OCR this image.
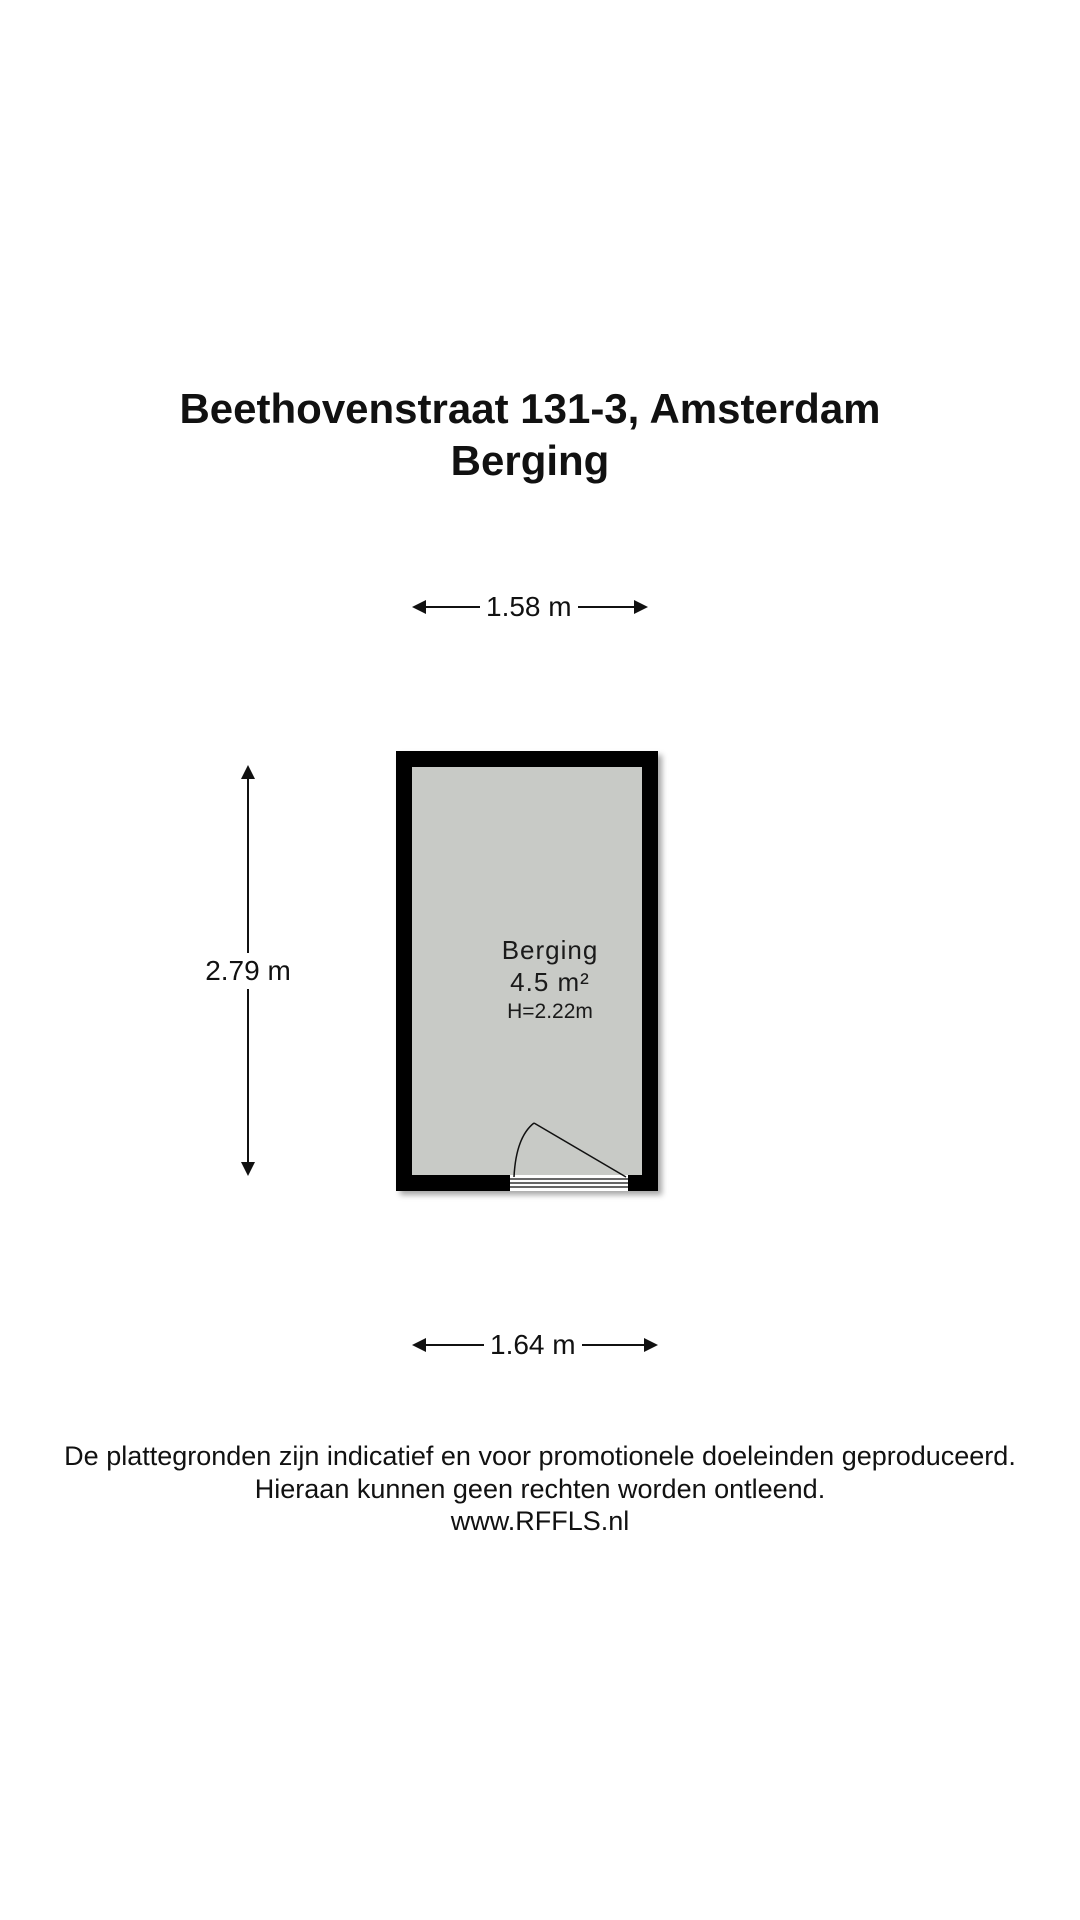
Beethovenstraat 131-3, Amsterdam
Berging
1.58 m
2.79 m
Berging
4.5 m²
H=2.22m
1.64 m
De plattegronden zijn indicatief en voor promotionele doeleinden geproduceerd.
Hieraan kunnen geen rechten worden ontleend.
www.RFFLS.nl
